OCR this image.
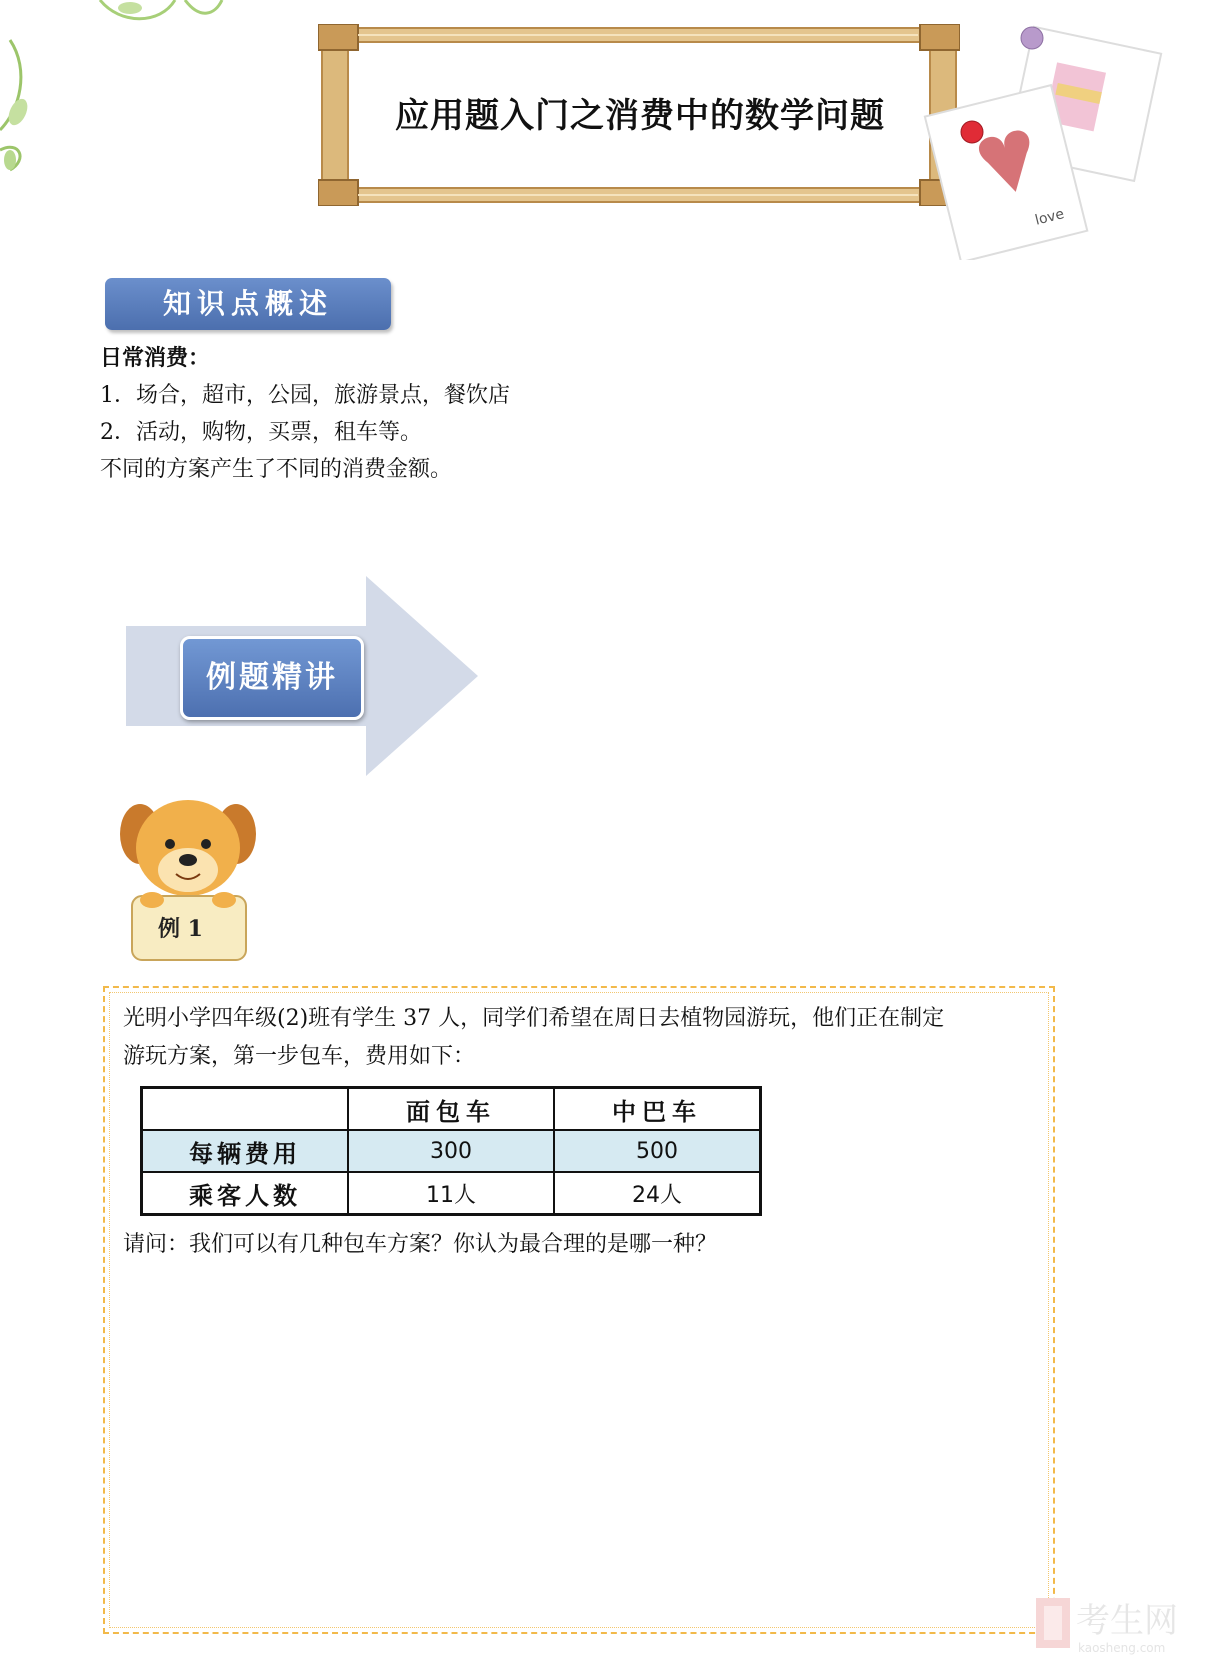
应用题入门之消费中的数学问题
love
知识点概述
日常消费：
1．场合，超市，公园，旅游景点，餐饮店
2．活动，购物，买票，租车等。
不同的方案产生了不同的消费金额。
例题精讲
例 1
光明小学四年级(2)班有学生 37 人，同学们希望在周日去植物园游玩，他们正在制定
游玩方案，第一步包车，费用如下：
	面包车	中巴车
每辆费用	300	500
乘客人数	11人	24人
请问：我们可以有几种包车方案？你认为最合理的是哪一种？
考生网
kaosheng.com
